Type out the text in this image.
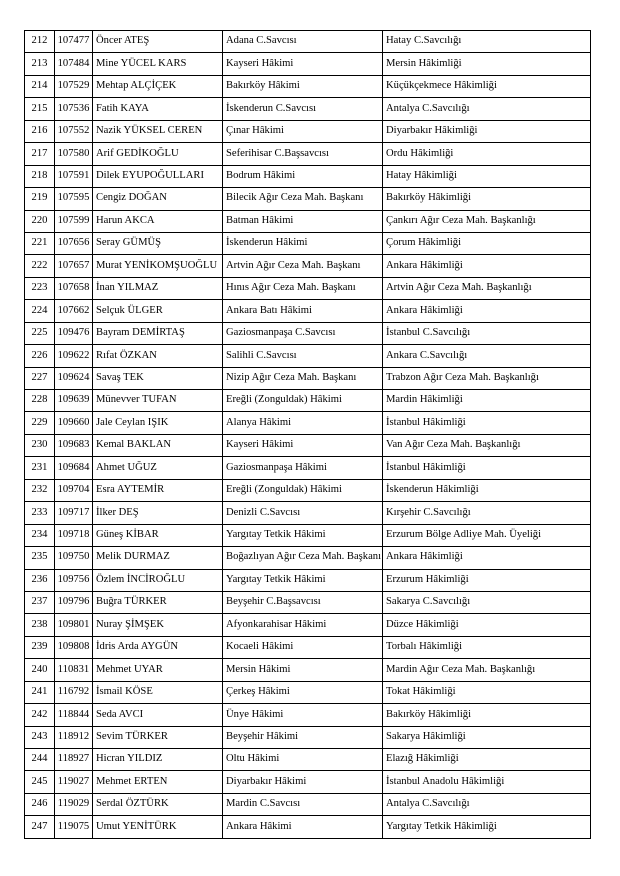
212	107477	Öncer ATEŞ	Adana C.Savcısı	Hatay C.Savcılığı
213	107484	Mine YÜCEL KARS	Kayseri Hâkimi	Mersin Hâkimliği
214	107529	Mehtap ALÇİÇEK	Bakırköy Hâkimi	Küçükçekmece Hâkimliği
215	107536	Fatih KAYA	İskenderun C.Savcısı	Antalya C.Savcılığı
216	107552	Nazik YÜKSEL CEREN	Çınar Hâkimi	Diyarbakır Hâkimliği
217	107580	Arif GEDİKOĞLU	Seferihisar C.Başsavcısı	Ordu Hâkimliği
218	107591	Dilek EYUPOĞULLARI	Bodrum Hâkimi	Hatay Hâkimliği
219	107595	Cengiz DOĞAN	Bilecik Ağır Ceza Mah. Başkanı	Bakırköy Hâkimliği
220	107599	Harun AKCA	Batman Hâkimi	Çankırı Ağır Ceza Mah. Başkanlığı
221	107656	Seray GÜMÜŞ	İskenderun Hâkimi	Çorum Hâkimliği
222	107657	Murat YENİKOMŞUOĞLU	Artvin Ağır Ceza Mah. Başkanı	Ankara Hâkimliği
223	107658	İnan YILMAZ	Hınıs Ağır Ceza Mah. Başkanı	Artvin Ağır Ceza Mah. Başkanlığı
224	107662	Selçuk ÜLGER	Ankara Batı Hâkimi	Ankara Hâkimliği
225	109476	Bayram DEMİRTAŞ	Gaziosmanpaşa C.Savcısı	İstanbul C.Savcılığı
226	109622	Rıfat ÖZKAN	Salihli C.Savcısı	Ankara C.Savcılığı
227	109624	Savaş TEK	Nizip Ağır Ceza Mah. Başkanı	Trabzon Ağır Ceza Mah. Başkanlığı
228	109639	Münevver TUFAN	Ereğli (Zonguldak) Hâkimi	Mardin Hâkimliği
229	109660	Jale Ceylan IŞIK	Alanya Hâkimi	İstanbul Hâkimliği
230	109683	Kemal BAKLAN	Kayseri Hâkimi	Van Ağır Ceza Mah. Başkanlığı
231	109684	Ahmet UĞUZ	Gaziosmanpaşa Hâkimi	İstanbul Hâkimliği
232	109704	Esra AYTEMİR	Ereğli (Zonguldak) Hâkimi	İskenderun Hâkimliği
233	109717	İlker DEŞ	Denizli C.Savcısı	Kırşehir C.Savcılığı
234	109718	Güneş KİBAR	Yargıtay Tetkik Hâkimi	Erzurum Bölge Adliye Mah. Üyeliği
235	109750	Melik DURMAZ	Boğazlıyan Ağır Ceza Mah. Başkanı	Ankara Hâkimliği
236	109756	Özlem İNCİROĞLU	Yargıtay Tetkik Hâkimi	Erzurum Hâkimliği
237	109796	Buğra TÜRKER	Beyşehir C.Başsavcısı	Sakarya C.Savcılığı
238	109801	Nuray ŞİMŞEK	Afyonkarahisar Hâkimi	Düzce Hâkimliği
239	109808	İdris Arda AYGÜN	Kocaeli Hâkimi	Torbalı Hâkimliği
240	110831	Mehmet UYAR	Mersin Hâkimi	Mardin Ağır Ceza Mah. Başkanlığı
241	116792	İsmail KÖSE	Çerkeş Hâkimi	Tokat Hâkimliği
242	118844	Seda AVCI	Ünye Hâkimi	Bakırköy Hâkimliği
243	118912	Sevim TÜRKER	Beyşehir Hâkimi	Sakarya Hâkimliği
244	118927	Hicran YILDIZ	Oltu Hâkimi	Elazığ Hâkimliği
245	119027	Mehmet ERTEN	Diyarbakır Hâkimi	İstanbul Anadolu Hâkimliği
246	119029	Serdal ÖZTÜRK	Mardin C.Savcısı	Antalya C.Savcılığı
247	119075	Umut YENİTÜRK	Ankara Hâkimi	Yargıtay Tetkik Hâkimliği
